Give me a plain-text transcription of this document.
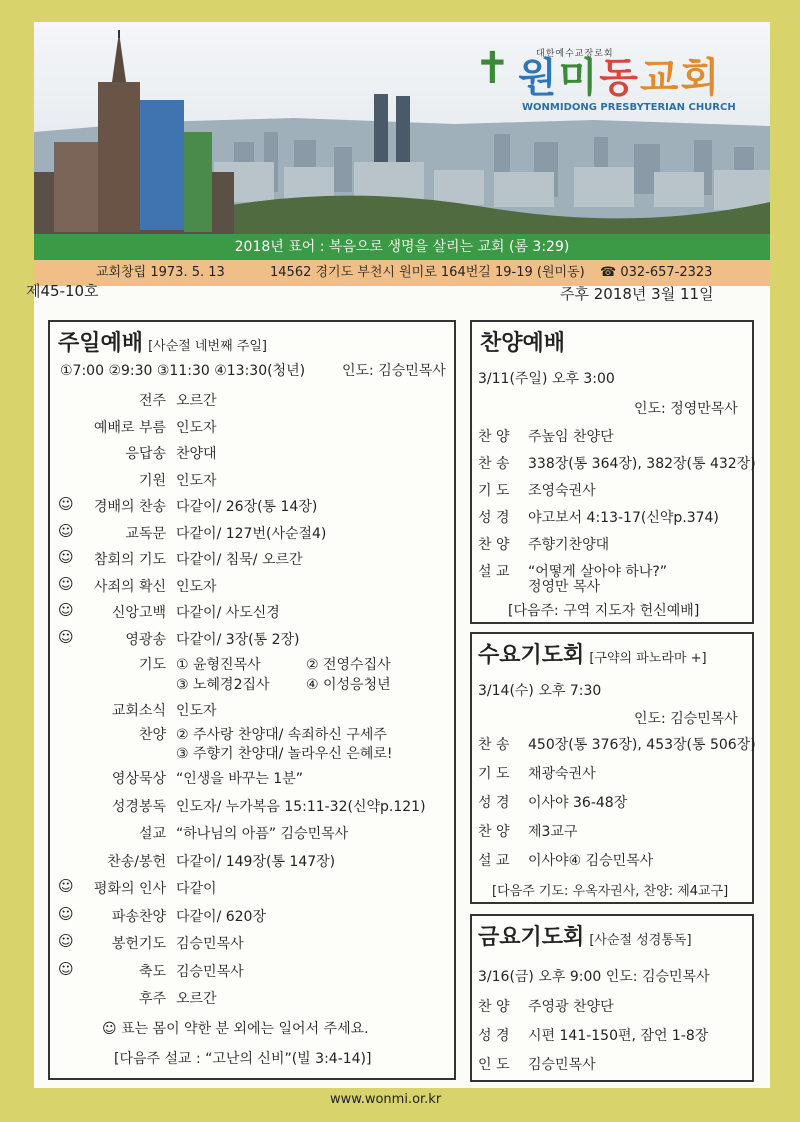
✝	대한예수교장로회
원미동교회
WONMIDONG PRESBYTERIAN CHURCH
2018년 표어 : 복음으로 생명을 살리는 교회 (롬 3:29)
교회창립 1973. 5. 13	14562 경기도 부천시 원미로 164번길 19-19 (원미동) ☎ 032-657-2323
제45-10호	주후 2018년 3월 11일
주일예배 [사순절 네번째 주일]
①7:00 ②9:30 ③11:30 ④13:30(청년)	인도: 김승민목사
전주 오르간
예배로 부름 인도자
응답송 찬양대
기원 인도자
☺	경배의 찬송 다같이/ 26장(통 14장)
☺	교독문 다같이/ 127번(사순절4)
☺	참회의 기도 다같이/ 침묵/ 오르간
☺	사죄의 확신 인도자
☺	신앙고백 다같이/ 사도신경
☺	영광송 다같이/ 3장(통 2장)
기도 ① 윤형진목사	② 전영수집사
③ 노혜경2집사	④ 이성응청년
교회소식 인도자
찬양 ② 주사랑 찬양대/ 속죄하신 구세주
③ 주향기 찬양대/ 놀라우신 은혜로!
영상묵상 “인생을 바꾸는 1분”
성경봉독 인도자/ 누가복음 15:11-32(신약p.121)
설교 “하나님의 아픔” 김승민목사
찬송/봉헌 다같이/ 149장(통 147장)
☺	평화의 인사 다같이
☺	파송찬양 다같이/ 620장
☺	봉헌기도 김승민목사
☺	축도 김승민목사
후주 오르간
☺ 표는 몸이 약한 분 외에는 일어서 주세요.
[다음주 설교 : “고난의 신비”(빌 3:4-14)]
찬양예배
3/11(주일) 오후 3:00
인도: 정영만목사
찬 양 주높임 찬양단
찬 송 338장(통 364장), 382장(통 432장)
기 도 조영숙권사
성 경 야고보서 4:13-17(신약p.374)
찬 양 주향기찬양대
설 교 “어떻게 살아야 하나?”
정영만 목사
[다음주: 구역 지도자 헌신예배]
수요기도회 [구약의 파노라마 +]
3/14(수) 오후 7:30
인도: 김승민목사
찬 송 450장(통 376장), 453장(통 506장)
기 도 채광숙권사
성 경 이사야 36-48장
찬 양 제3교구
설 교 이사야④ 김승민목사
[다음주 기도: 우옥자권사, 찬양: 제4교구]
금요기도회 [사순절 성경통독]
3/16(금) 오후 9:00 인도: 김승민목사
찬 양 주영광 찬양단
성 경 시편 141-150편, 잠언 1-8장
인 도 김승민목사
www.wonmi.or.kr
